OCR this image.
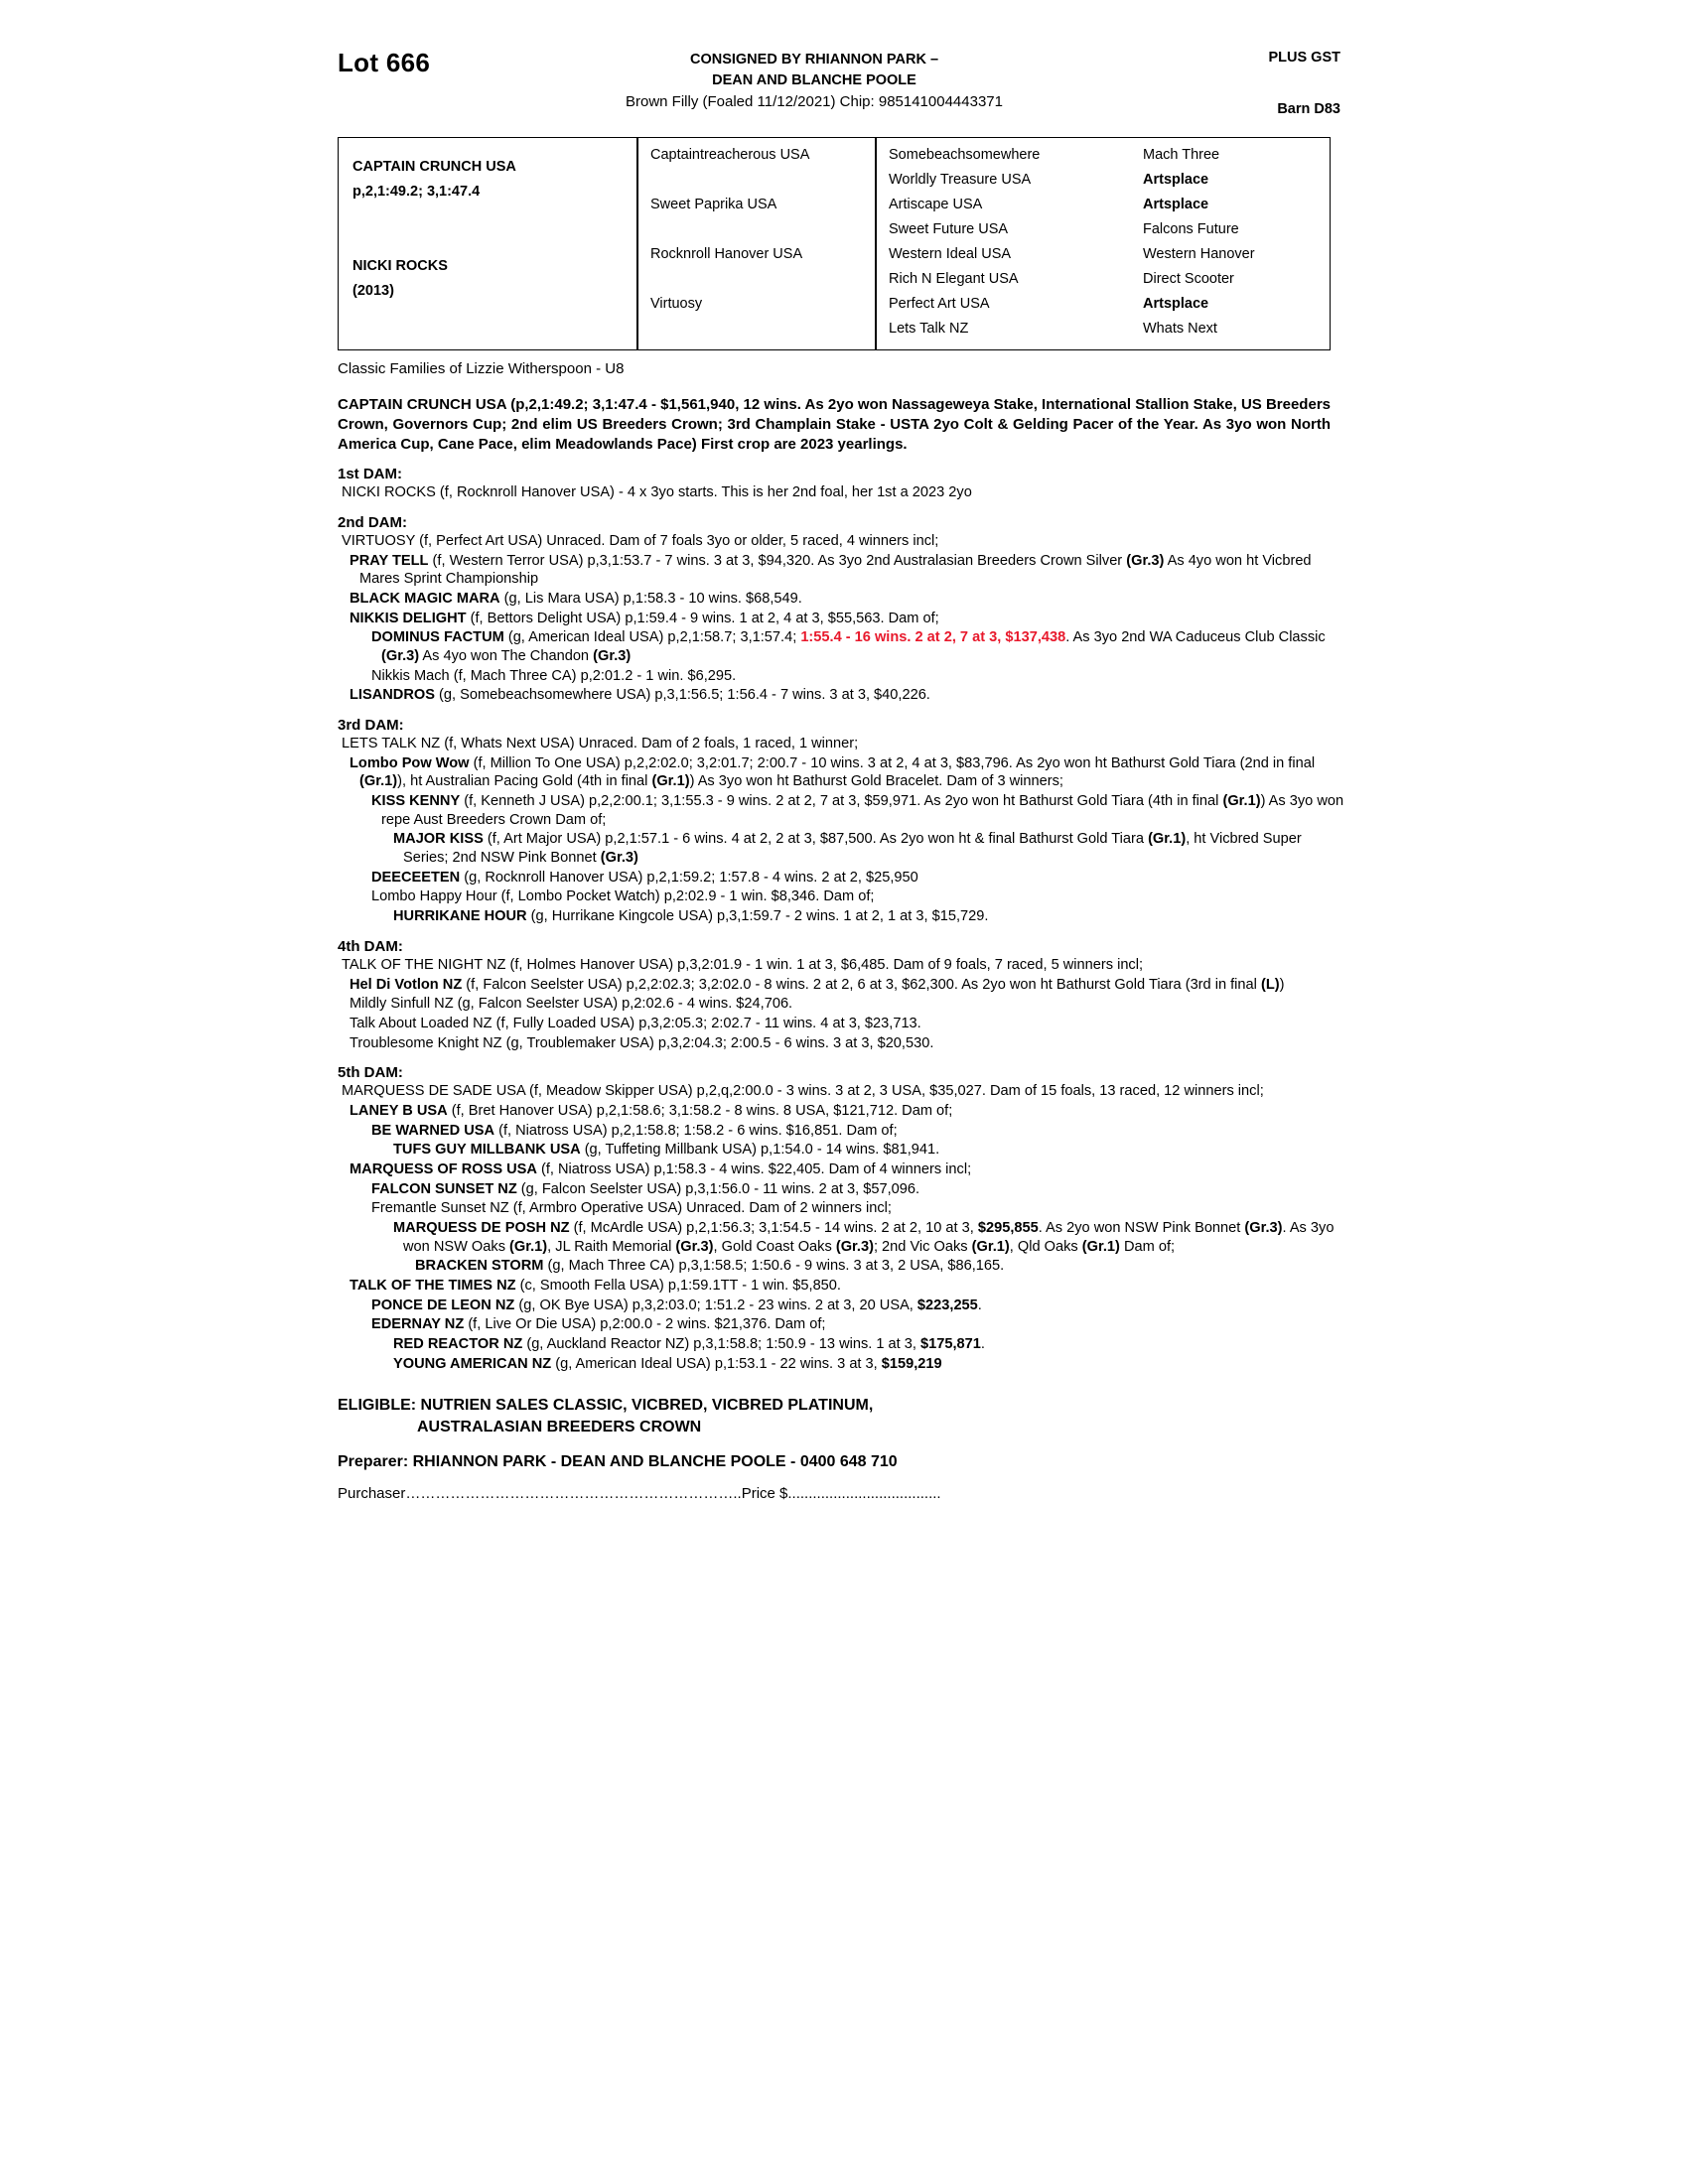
Lot 666	CONSIGNED BY RHIANNON PARK –
DEAN AND BLANCHE POOLE
PLUS GST
Barn D83
Brown Filly (Foaled 11/12/2021) Chip: 985141004443371
CAPTAIN CRUNCH USA
p,2,1:49.2; 3,1:47.4
NICKI ROCKS
(2013)
Captaintreacherous USA
Sweet Paprika USA
Rocknroll Hanover USA
Virtuosy
Somebeachsomewhere
Worldly Treasure USA
Artiscape USA
Sweet Future USA
Western Ideal USA
Rich N Elegant USA
Perfect Art USA
Lets Talk NZ
Mach Three
Artsplace
Artsplace
Falcons Future
Western Hanover
Direct Scooter
Artsplace
Whats Next
Classic Families of Lizzie Witherspoon - U8
CAPTAIN CRUNCH USA (p,2,1:49.2; 3,1:47.4 - $1,561,940, 12 wins. As 2yo won Nassageweya Stake, International Stallion Stake, US Breeders Crown, Governors Cup; 2nd elim US Breeders Crown; 3rd Champlain Stake - USTA 2yo Colt & Gelding Pacer of the Year. As 3yo won North America Cup, Cane Pace, elim Meadowlands Pace) First crop are 2023 yearlings.
1st DAM:
NICKI ROCKS (f, Rocknroll Hanover USA) - 4 x 3yo starts. This is her 2nd foal, her 1st a 2023 2yo
2nd DAM:
VIRTUOSY (f, Perfect Art USA) Unraced. Dam of 7 foals 3yo or older, 5 raced, 4 winners incl;
PRAY TELL (f, Western Terror USA) p,3,1:53.7 - 7 wins. 3 at 3, $94,320. As 3yo 2nd Australasian Breeders Crown Silver (Gr.3) As 4yo won ht Vicbred Mares Sprint Championship
BLACK MAGIC MARA (g, Lis Mara USA) p,1:58.3 - 10 wins. $68,549.
NIKKIS DELIGHT (f, Bettors Delight USA) p,1:59.4 - 9 wins. 1 at 2, 4 at 3, $55,563. Dam of;
DOMINUS FACTUM (g, American Ideal USA) p,2,1:58.7; 3,1:57.4; 1:55.4 - 16 wins. 2 at 2, 7 at 3, $137,438. As 3yo 2nd WA Caduceus Club Classic (Gr.3) As 4yo won The Chandon (Gr.3)
Nikkis Mach (f, Mach Three CA) p,2:01.2 - 1 win. $6,295.
LISANDROS (g, Somebeachsomewhere USA) p,3,1:56.5; 1:56.4 - 7 wins. 3 at 3, $40,226.
3rd DAM:
LETS TALK NZ (f, Whats Next USA) Unraced. Dam of 2 foals, 1 raced, 1 winner;
Lombo Pow Wow (f, Million To One USA) p,2,2:02.0; 3,2:01.7; 2:00.7 - 10 wins. 3 at 2, 4 at 3, $83,796. As 2yo won ht Bathurst Gold Tiara (2nd in final (Gr.1)), ht Australian Pacing Gold (4th in final (Gr.1)) As 3yo won ht Bathurst Gold Bracelet. Dam of 3 winners;
KISS KENNY (f, Kenneth J USA) p,2,2:00.1; 3,1:55.3 - 9 wins. 2 at 2, 7 at 3, $59,971. As 2yo won ht Bathurst Gold Tiara (4th in final (Gr.1)) As 3yo won repe Aust Breeders Crown Dam of;
MAJOR KISS (f, Art Major USA) p,2,1:57.1 - 6 wins. 4 at 2, 2 at 3, $87,500. As 2yo won ht & final Bathurst Gold Tiara (Gr.1), ht Vicbred Super Series; 2nd NSW Pink Bonnet (Gr.3)
DEECEETEN (g, Rocknroll Hanover USA) p,2,1:59.2; 1:57.8 - 4 wins. 2 at 2, $25,950
Lombo Happy Hour (f, Lombo Pocket Watch) p,2:02.9 - 1 win. $8,346. Dam of;
HURRIKANE HOUR (g, Hurrikane Kingcole USA) p,3,1:59.7 - 2 wins. 1 at 2, 1 at 3, $15,729.
4th DAM:
TALK OF THE NIGHT NZ (f, Holmes Hanover USA) p,3,2:01.9 - 1 win. 1 at 3, $6,485. Dam of 9 foals, 7 raced, 5 winners incl;
Hel Di Votlon NZ (f, Falcon Seelster USA) p,2,2:02.3; 3,2:02.0 - 8 wins. 2 at 2, 6 at 3, $62,300. As 2yo won ht Bathurst Gold Tiara (3rd in final (L))
Mildly Sinfull NZ (g, Falcon Seelster USA) p,2:02.6 - 4 wins. $24,706.
Talk About Loaded NZ (f, Fully Loaded USA) p,3,2:05.3; 2:02.7 - 11 wins. 4 at 3, $23,713.
Troublesome Knight NZ (g, Troublemaker USA) p,3,2:04.3; 2:00.5 - 6 wins. 3 at 3, $20,530.
5th DAM:
MARQUESS DE SADE USA (f, Meadow Skipper USA) p,2,q,2:00.0 - 3 wins. 3 at 2, 3 USA, $35,027. Dam of 15 foals, 13 raced, 12 winners incl;
LANEY B USA (f, Bret Hanover USA) p,2,1:58.6; 3,1:58.2 - 8 wins. 8 USA, $121,712. Dam of;
BE WARNED USA (f, Niatross USA) p,2,1:58.8; 1:58.2 - 6 wins. $16,851. Dam of;
TUFS GUY MILLBANK USA (g, Tuffeting Millbank USA) p,1:54.0 - 14 wins. $81,941.
MARQUESS OF ROSS USA (f, Niatross USA) p,1:58.3 - 4 wins. $22,405. Dam of 4 winners incl;
FALCON SUNSET NZ (g, Falcon Seelster USA) p,3,1:56.0 - 11 wins. 2 at 3, $57,096.
Fremantle Sunset NZ (f, Armbro Operative USA) Unraced. Dam of 2 winners incl;
MARQUESS DE POSH NZ (f, McArdle USA) p,2,1:56.3; 3,1:54.5 - 14 wins. 2 at 2, 10 at 3, $295,855. As 2yo won NSW Pink Bonnet (Gr.3). As 3yo won NSW Oaks (Gr.1), JL Raith Memorial (Gr.3), Gold Coast Oaks (Gr.3); 2nd Vic Oaks (Gr.1), Qld Oaks (Gr.1) Dam of;
BRACKEN STORM (g, Mach Three CA) p,3,1:58.5; 1:50.6 - 9 wins. 3 at 3, 2 USA, $86,165.
TALK OF THE TIMES NZ (c, Smooth Fella USA) p,1:59.1TT - 1 win. $5,850.
PONCE DE LEON NZ (g, OK Bye USA) p,3,2:03.0; 1:51.2 - 23 wins. 2 at 3, 20 USA, $223,255.
EDERNAY NZ (f, Live Or Die USA) p,2:00.0 - 2 wins. $21,376. Dam of;
RED REACTOR NZ (g, Auckland Reactor NZ) p,3,1:58.8; 1:50.9 - 13 wins. 1 at 3, $175,871.
YOUNG AMERICAN NZ (g, American Ideal USA) p,1:53.1 - 22 wins. 3 at 3, $159,219
ELIGIBLE: NUTRIEN SALES CLASSIC, VICBRED, VICBRED PLATINUM,
AUSTRALASIAN BREEDERS CROWN
Preparer: RHIANNON PARK - DEAN AND BLANCHE POOLE - 0400 648 710
Purchaser…………………………………………………………..Price $.....................................
